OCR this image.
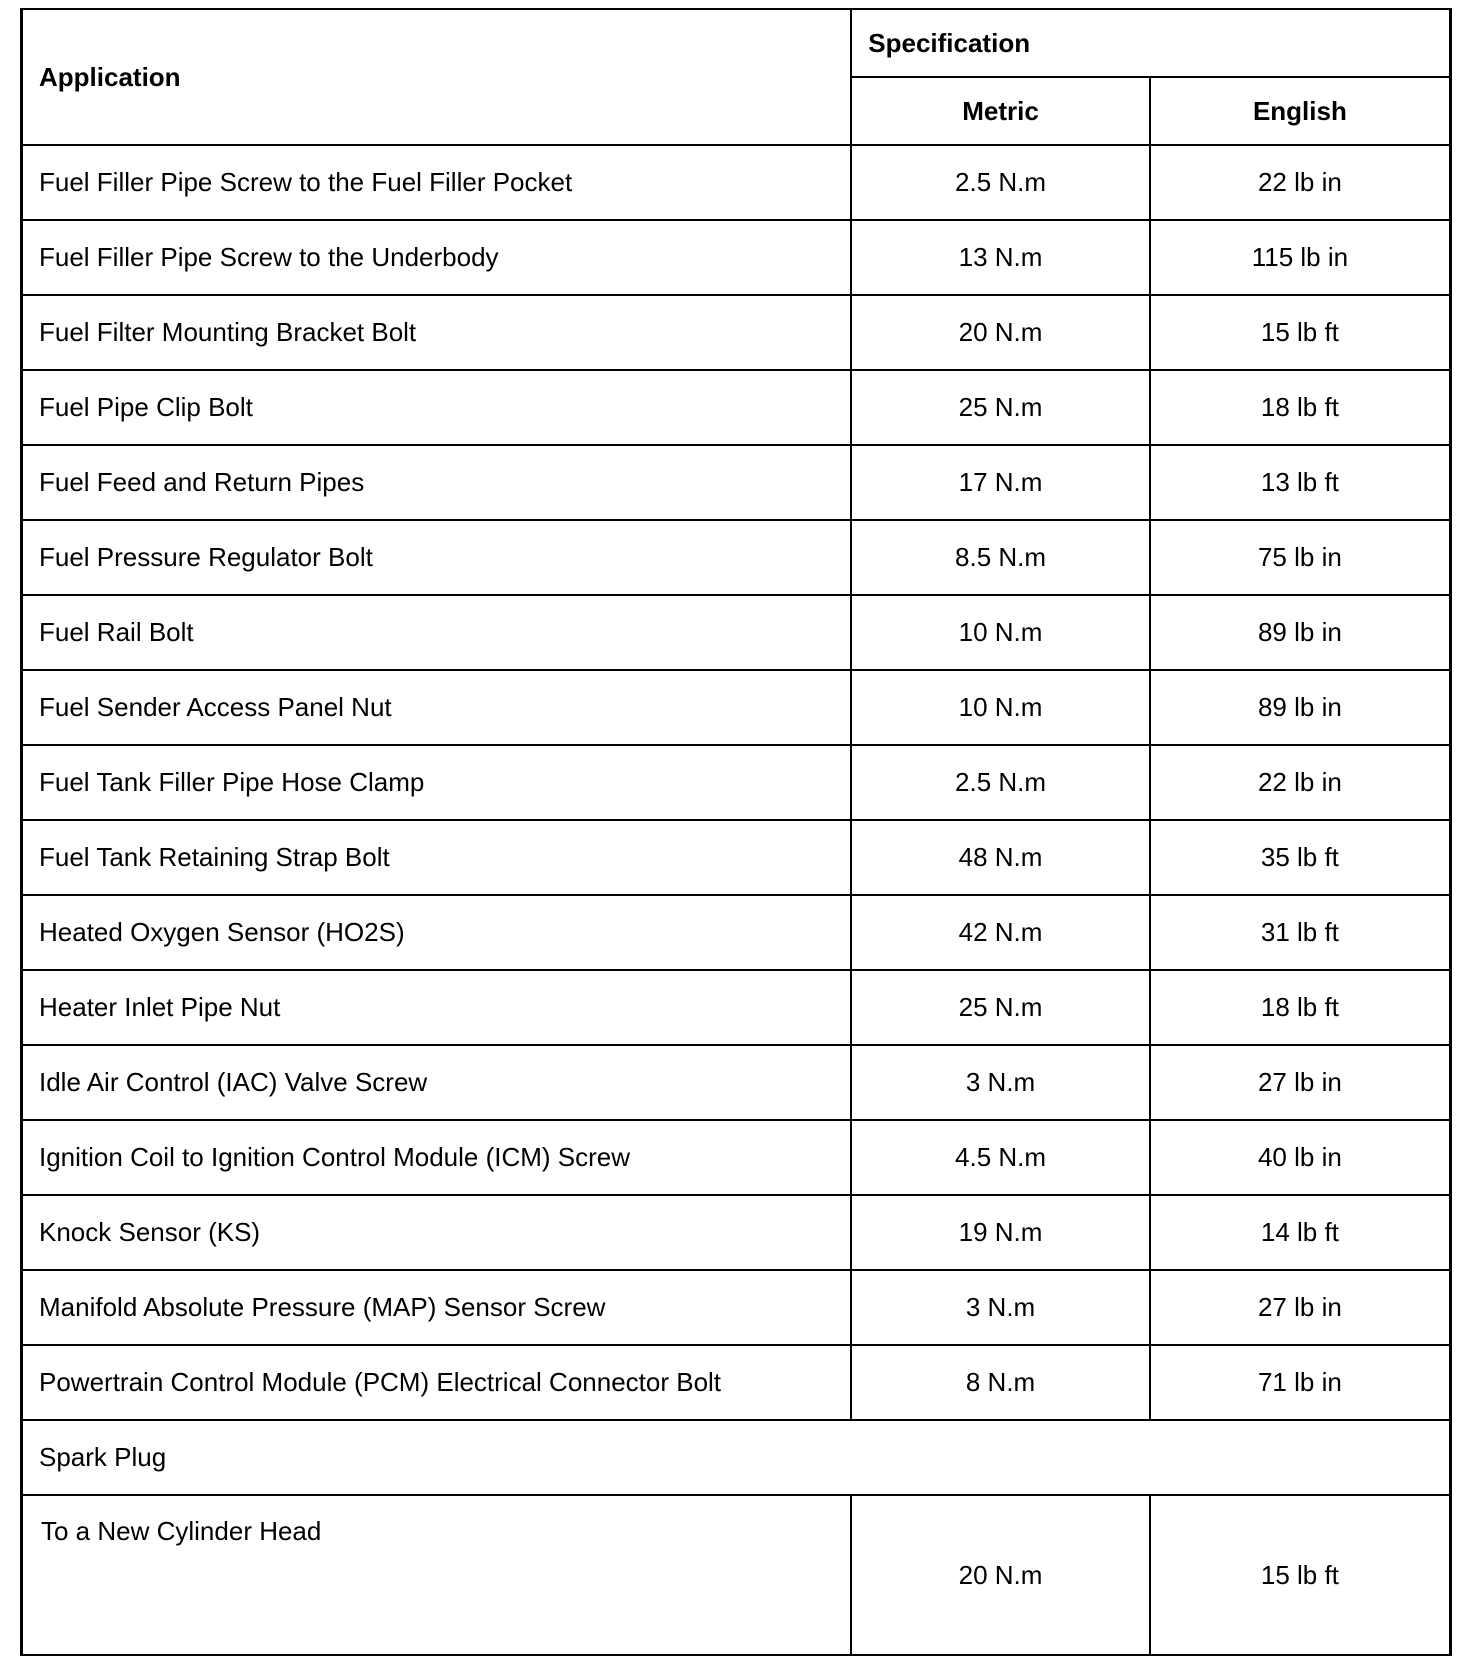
Application	Specification	
	Metric	English
Fuel Filler Pipe Screw to the Fuel Filler Pocket	2.5 N.m	22 lb in
Fuel Filler Pipe Screw to the Underbody	13 N.m	115 lb in
Fuel Filter Mounting Bracket Bolt	20 N.m	15 lb ft
Fuel Pipe Clip Bolt	25 N.m	18 lb ft
Fuel Feed and Return Pipes	17 N.m	13 lb ft
Fuel Pressure Regulator Bolt	8.5 N.m	75 lb in
Fuel Rail Bolt	10 N.m	89 lb in
Fuel Sender Access Panel Nut	10 N.m	89 lb in
Fuel Tank Filler Pipe Hose Clamp	2.5 N.m	22 lb in
Fuel Tank Retaining Strap Bolt	48 N.m	35 lb ft
Heated Oxygen Sensor (HO2S)	42 N.m	31 lb ft
Heater Inlet Pipe Nut	25 N.m	18 lb ft
Idle Air Control (IAC) Valve Screw	3 N.m	27 lb in
Ignition Coil to Ignition Control Module (ICM) Screw	4.5 N.m	40 lb in
Knock Sensor (KS)	19 N.m	14 lb ft
Manifold Absolute Pressure (MAP) Sensor Screw	3 N.m	27 lb in
Powertrain Control Module (PCM) Electrical Connector Bolt	8 N.m	71 lb in
Spark Plug		
To a New Cylinder Head	20 N.m	15 lb ft
